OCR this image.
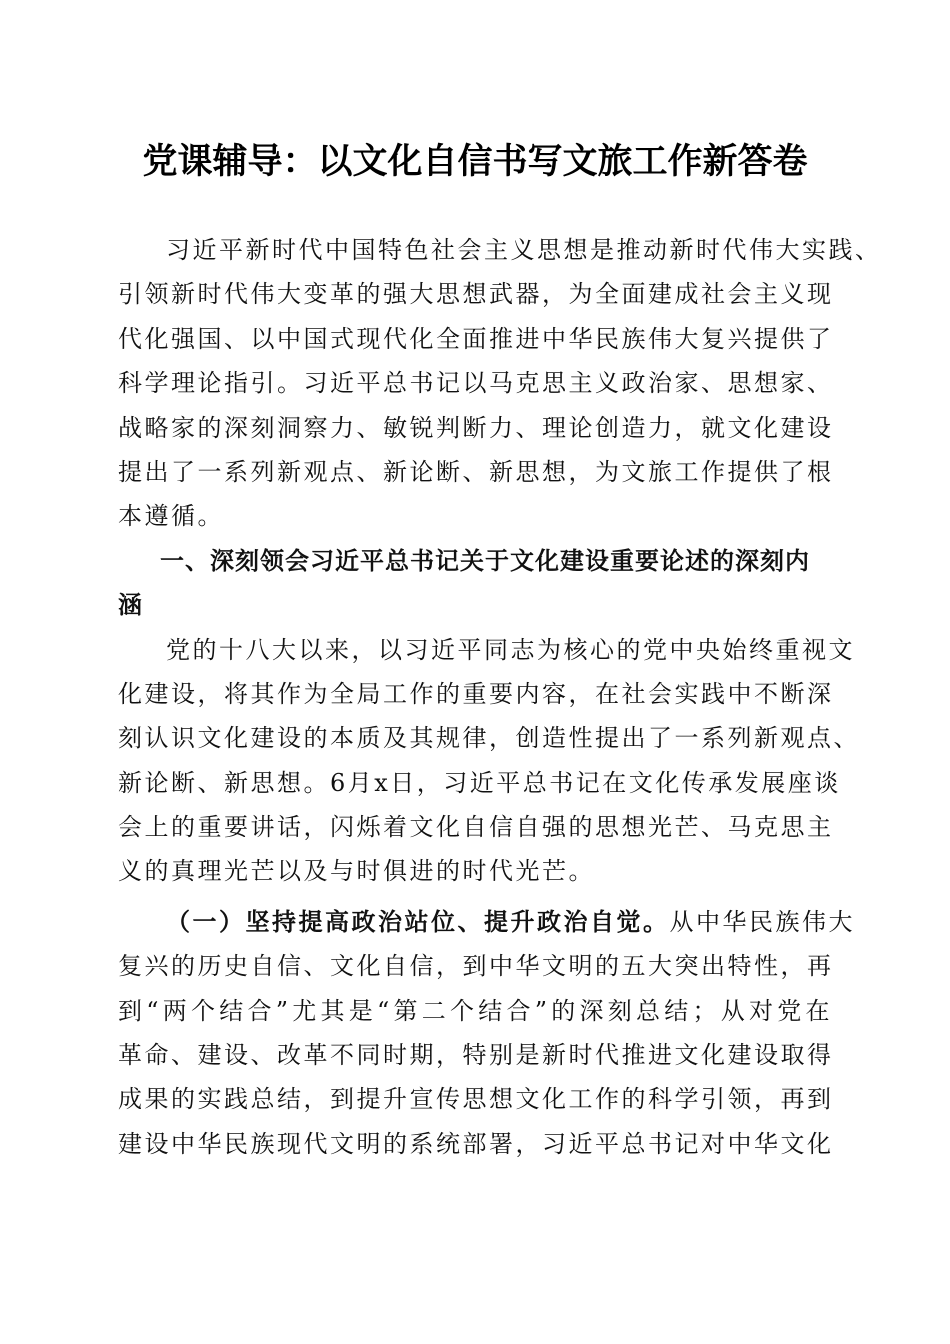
党课辅导：以文化自信书写文旅工作新答卷
习近平新时代中国特色社会主义思想是推动新时代伟大实践、
引领新时代伟大变革的强大思想武器，为全面建成社会主义现
代化强国、以中国式现代化全面推进中华民族伟大复兴提供了
科学理论指引。习近平总书记以马克思主义政治家、思想家、
战略家的深刻洞察力、敏锐判断力、理论创造力，就文化建设
提出了一系列新观点、新论断、新思想，为文旅工作提供了根
本遵循。
一、深刻领会习近平总书记关于文化建设重要论述的深刻内
涵
党的十八大以来，以习近平同志为核心的党中央始终重视文
化建设，将其作为全局工作的重要内容，在社会实践中不断深
刻认识文化建设的本质及其规律，创造性提出了一系列新观点、
新论断、新思想。6月x日，习近平总书记在文化传承发展座谈
会上的重要讲话，闪烁着文化自信自强的思想光芒、马克思主
义的真理光芒以及与时俱进的时代光芒。
（一）坚持提高政治站位、提升政治自觉。从中华民族伟大
复兴的历史自信、文化自信，到中华文明的五大突出特性，再
到“两个结合”尤其是“第二个结合”的深刻总结；从对党在
革命、建设、改革不同时期，特别是新时代推进文化建设取得
成果的实践总结，到提升宣传思想文化工作的科学引领，再到
建设中华民族现代文明的系统部署，习近平总书记对中华文化
